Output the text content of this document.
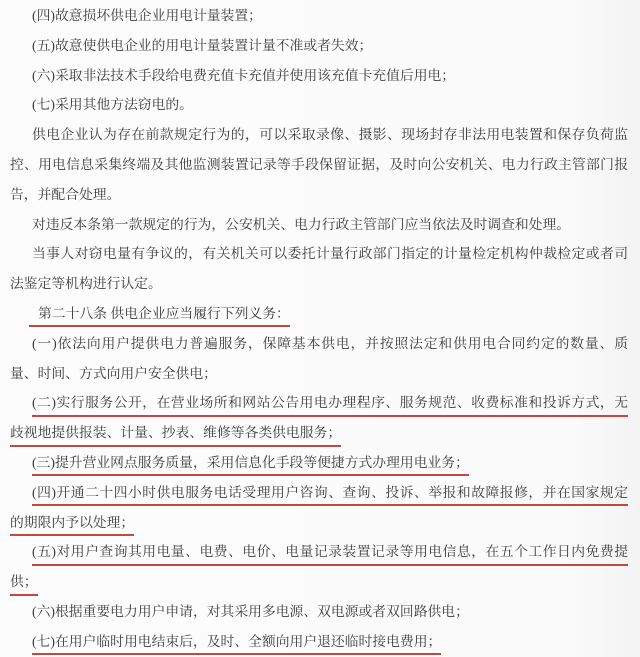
(四)故意损坏供电企业用电计量装置；
(五)故意使供电企业的用电计量装置计量不准或者失效；
(六)采取非法技术手段给电费充值卡充值并使用该充值卡充值后用电；
(七)采用其他方法窃电的。
供电企业认为存在前款规定行为的，可以采取录像、摄影、现场封存非法用电装置和保存负荷监
控、用电信息采集终端及其他监测装置记录等手段保留证据，及时向公安机关、电力行政主管部门报
告，并配合处理。
对违反本条第一款规定的行为，公安机关、电力行政主管部门应当依法及时调查和处理。
当事人对窃电量有争议的，有关机关可以委托计量行政部门指定的计量检定机构仲裁检定或者司
法鉴定等机构进行认定。
第二十八条 供电企业应当履行下列义务：
(一)依法向用户提供电力普遍服务，保障基本供电，并按照法定和供用电合同约定的数量、质
量、时间、方式向用户安全供电；
(二)实行服务公开，在营业场所和网站公告用电办理程序、服务规范、收费标准和投诉方式，无
歧视地提供报装、计量、抄表、维修等各类供电服务；
(三)提升营业网点服务质量，采用信息化手段等便捷方式办理用电业务；
(四)开通二十四小时供电服务电话受理用户咨询、查询、投诉、举报和故障报修，并在国家规定
的期限内予以处理；
(五)对用户查询其用电量、电费、电价、电量记录装置记录等用电信息，在五个工作日内免费提
供；
(六)根据重要电力用户申请，对其采用多电源、双电源或者双回路供电；
(七)在用户临时用电结束后，及时、全额向用户退还临时接电费用；
